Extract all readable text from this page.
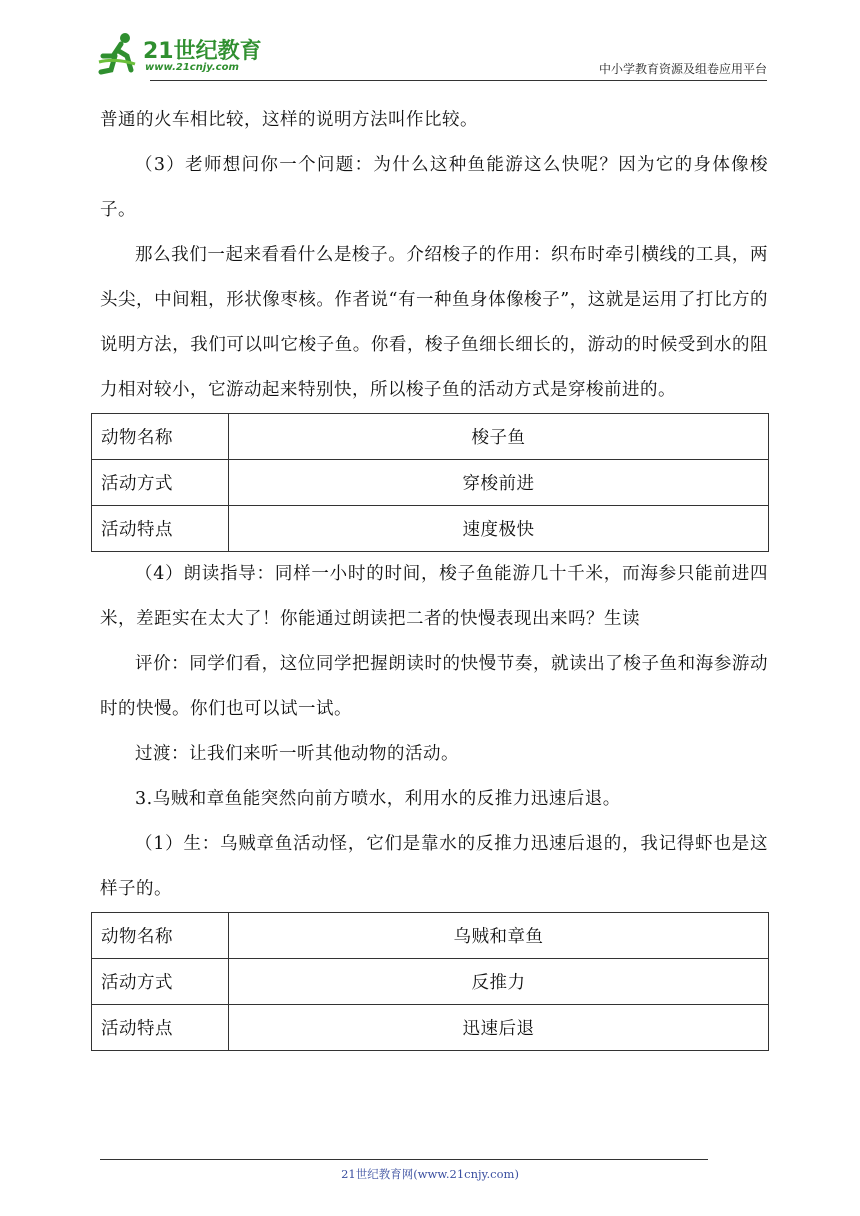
21世纪教育
www.21cnjy.com	中小学教育资源及组卷应用平台

普通的火车相比较，这样的说明方法叫作比较。

（3）老师想问你一个问题：为什么这种鱼能游这么快呢？因为它的身体像梭子。

那么我们一起来看看什么是梭子。介绍梭子的作用：织布时牵引横线的工具，两头尖，中间粗，形状像枣核。作者说“有一种鱼身体像梭子”，这就是运用了打比方的说明方法，我们可以叫它梭子鱼。你看，梭子鱼细长细长的，游动的时候受到水的阻力相对较小，它游动起来特别快，所以梭子鱼的活动方式是穿梭前进的。

动物名称	梭子鱼
活动方式	穿梭前进
活动特点	速度极快

（4）朗读指导：同样一小时的时间，梭子鱼能游几十千米，而海参只能前进四米，差距实在太大了！你能通过朗读把二者的快慢表现出来吗？生读

评价：同学们看，这位同学把握朗读时的快慢节奏，就读出了梭子鱼和海参游动时的快慢。你们也可以试一试。

过渡：让我们来听一听其他动物的活动。

3.乌贼和章鱼能突然向前方喷水，利用水的反推力迅速后退。

（1）生：乌贼章鱼活动怪，它们是靠水的反推力迅速后退的，我记得虾也是这样子的。

动物名称	乌贼和章鱼
活动方式	反推力
活动特点	迅速后退
21世纪教育网(www.21cnjy.com)
